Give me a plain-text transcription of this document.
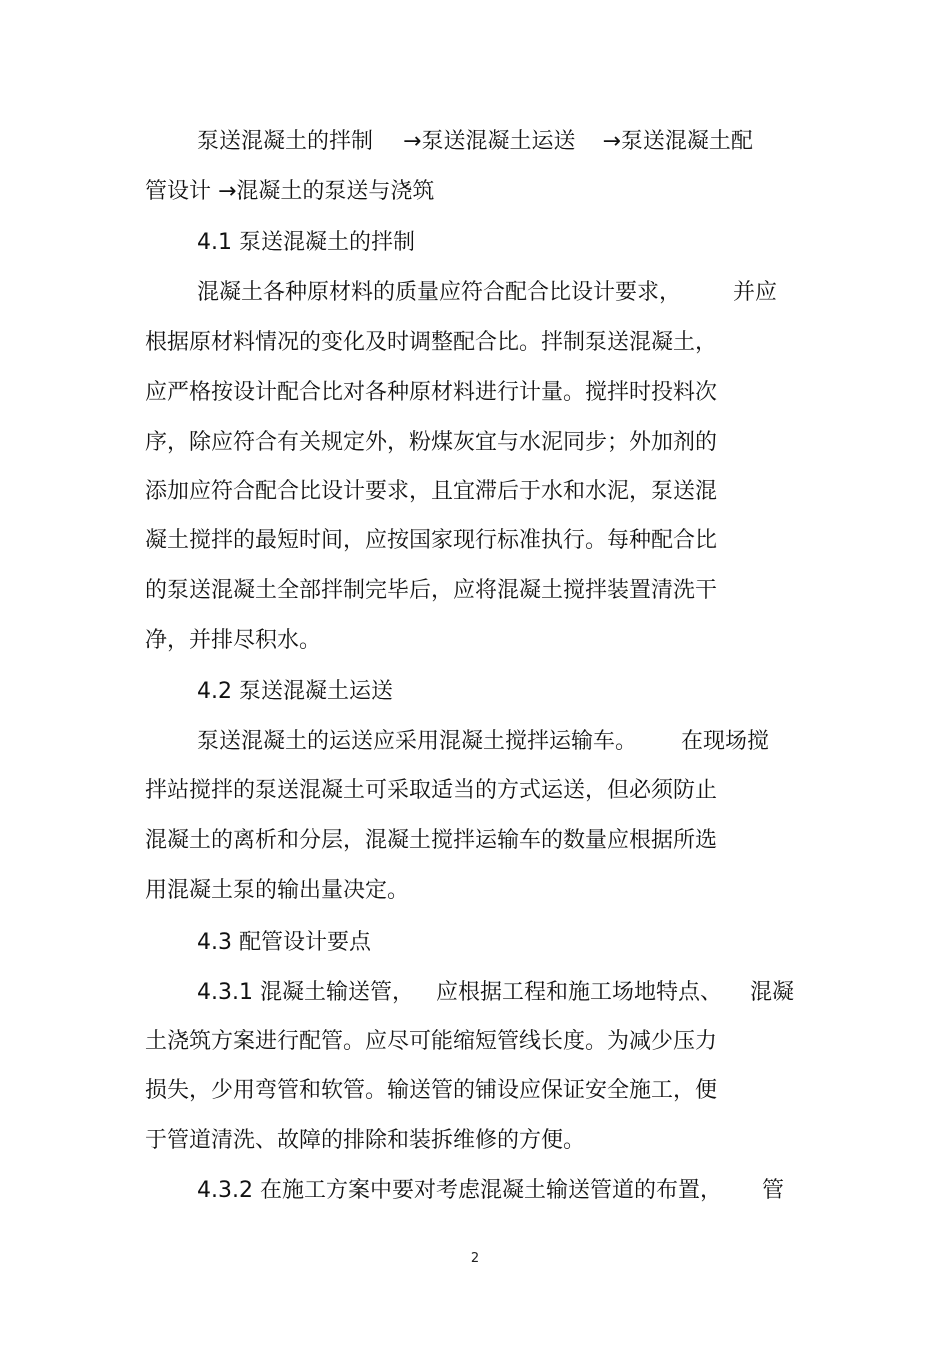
泵送混凝土的拌制 →泵送混凝土运送 →泵送混凝土配
管设计 →混凝土的泵送与浇筑
4.1 泵送混凝土的拌制
混凝土各种原材料的质量应符合配合比设计要求， 并应
根据原材料情况的变化及时调整配合比。拌制泵送混凝土，
应严格按设计配合比对各种原材料进行计量。搅拌时投料次
序，除应符合有关规定外，粉煤灰宜与水泥同步；外加剂的
添加应符合配合比设计要求，且宜滞后于水和水泥，泵送混
凝土搅拌的最短时间，应按国家现行标准执行。每种配合比
的泵送混凝土全部拌制完毕后，应将混凝土搅拌装置清洗干
净，并排尽积水。
4.2 泵送混凝土运送
泵送混凝土的运送应采用混凝土搅拌运输车。 在现场搅
拌站搅拌的泵送混凝土可采取适当的方式运送，但必须防止
混凝土的离析和分层，混凝土搅拌运输车的数量应根据所选
用混凝土泵的输出量决定。
4.3 配管设计要点
4.3.1 混凝土输送管， 应根据工程和施工场地特点、 混凝
土浇筑方案进行配管。应尽可能缩短管线长度。为减少压力
损失，少用弯管和软管。输送管的铺设应保证安全施工，便
于管道清洗、故障的排除和装拆维修的方便。
4.3.2 在施工方案中要对考虑混凝土输送管道的布置， 管
2
